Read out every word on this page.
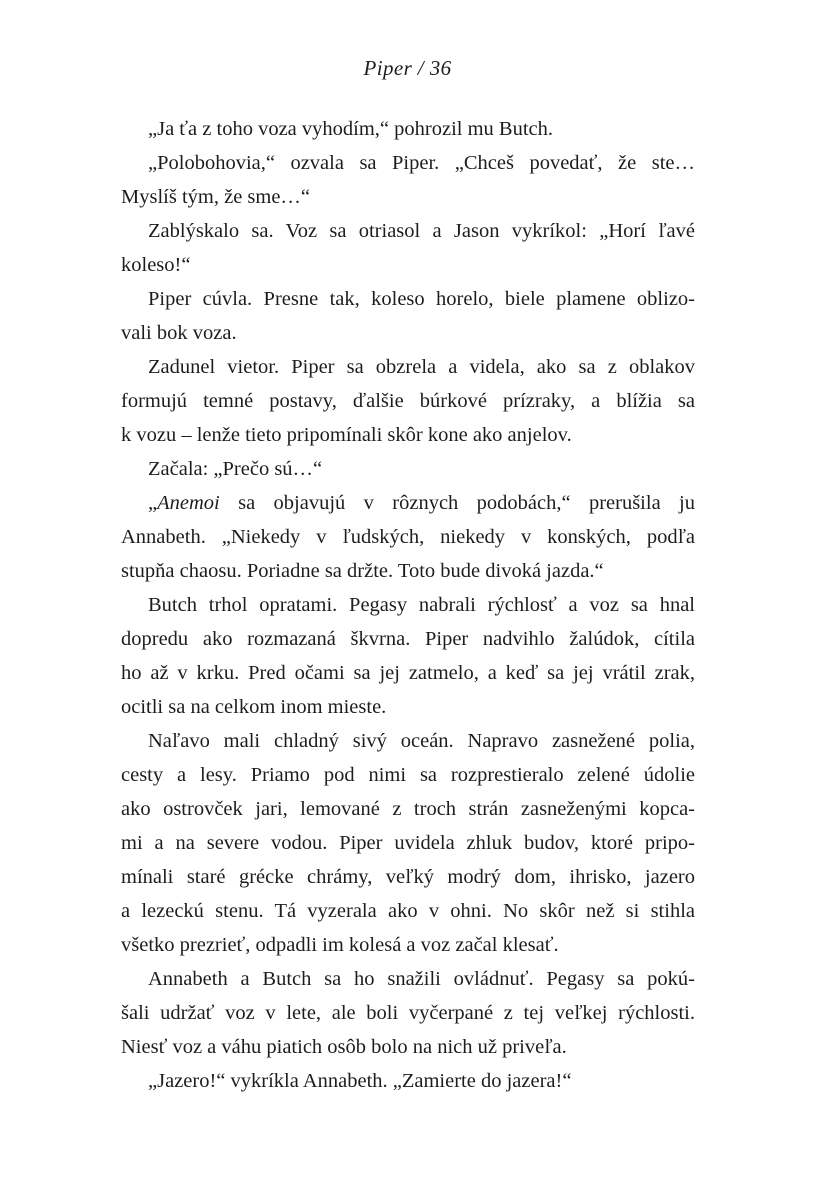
Piper / 36
„Ja ťa z toho voza vyhodím,“ pohrozil mu Butch.
„Polobohovia,“ ozvala sa Piper. „Chceš povedať, že ste…
Myslíš tým, že sme…“
Zablýskalo sa. Voz sa otriasol a Jason vykríkol: „Horí ľavé
koleso!“
Piper cúvla. Presne tak, koleso horelo, biele plamene oblizo-
vali bok voza.
Zadunel vietor. Piper sa obzrela a videla, ako sa z oblakov
formujú temné postavy, ďalšie búrkové prízraky, a blížia sa
k vozu – lenže tieto pripomínali skôr kone ako anjelov.
Začala: „Prečo sú…“
„Anemoi sa objavujú v rôznych podobách,“ prerušila ju
Annabeth. „Niekedy v ľudských, niekedy v konských, podľa
stupňa chaosu. Poriadne sa držte. Toto bude divoká jazda.“
Butch trhol opratami. Pegasy nabrali rýchlosť a voz sa hnal
dopredu ako rozmazaná škvrna. Piper nadvihlo žalúdok, cítila
ho až v krku. Pred očami sa jej zatmelo, a keď sa jej vrátil zrak,
ocitli sa na celkom inom mieste.
Naľavo mali chladný sivý oceán. Napravo zasnežené polia,
cesty a lesy. Priamo pod nimi sa rozprestieralo zelené údolie
ako ostrovček jari, lemované z troch strán zasneženými kopca-
mi a na severe vodou. Piper uvidela zhluk budov, ktoré pripo-
mínali staré grécke chrámy, veľký modrý dom, ihrisko, jazero
a lezeckú stenu. Tá vyzerala ako v ohni. No skôr než si stihla
všetko prezrieť, odpadli im kolesá a voz začal klesať.
Annabeth a Butch sa ho snažili ovládnuť. Pegasy sa pokú-
šali udržať voz v lete, ale boli vyčerpané z tej veľkej rýchlosti.
Niesť voz a váhu piatich osôb bolo na nich už priveľa.
„Jazero!“ vykríkla Annabeth. „Zamierte do jazera!“
